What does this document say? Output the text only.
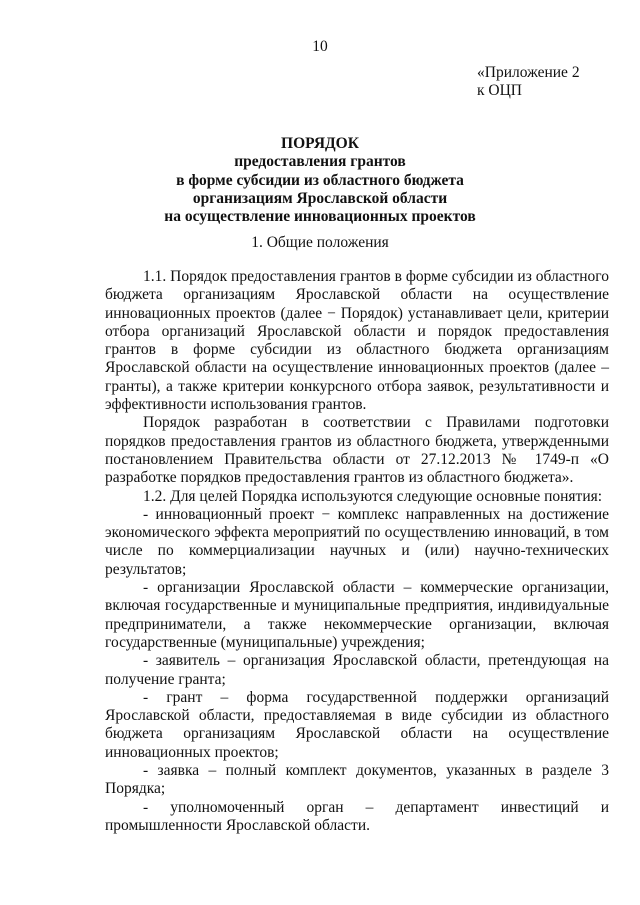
10
«Приложение 2
к ОЦП
ПОРЯДОК
предоставления грантов
в форме субсидии из областного бюджета
организациям Ярославской области
на осуществление инновационных проектов
1. Общие положения

1.1. Порядок предоставления грантов в форме субсидии из областного бюджета организациям Ярославской области на осуществление инновационных проектов (далее − Порядок) устанавливает цели, критерии отбора организаций Ярославской области и порядок предоставления грантов в форме субсидии из областного бюджета организациям Ярославской области на осуществление инновационных проектов (далее – гранты), а также критерии конкурсного отбора заявок, результативности и эффективности использования грантов.

Порядок разработан в соответствии с Правилами подготовки порядков предоставления грантов из областного бюджета, утвержденными постановлением Правительства области от 27.12.2013 № 1749-п «О разработке порядков предоставления грантов из областного бюджета».

1.2. Для целей Порядка используются следующие основные понятия:

- инновационный проект − комплекс направленных на достижение экономического эффекта мероприятий по осуществлению инноваций, в том числе по коммерциализации научных и (или) научно-технических результатов;

- организации Ярославской области – коммерческие организации, включая государственные и муниципальные предприятия, индивидуальные предприниматели, а также некоммерческие организации, включая государственные (муниципальные) учреждения;

- заявитель – организация Ярославской области, претендующая на получение гранта;

- грант – форма государственной поддержки организаций Ярославской области, предоставляемая в виде субсидии из областного бюджета организациям Ярославской области на осуществление инновационных проектов;

- заявка – полный комплект документов, указанных в разделе 3 Порядка;

- уполномоченный орган – департамент инвестиций и промышленности Ярославской области.
